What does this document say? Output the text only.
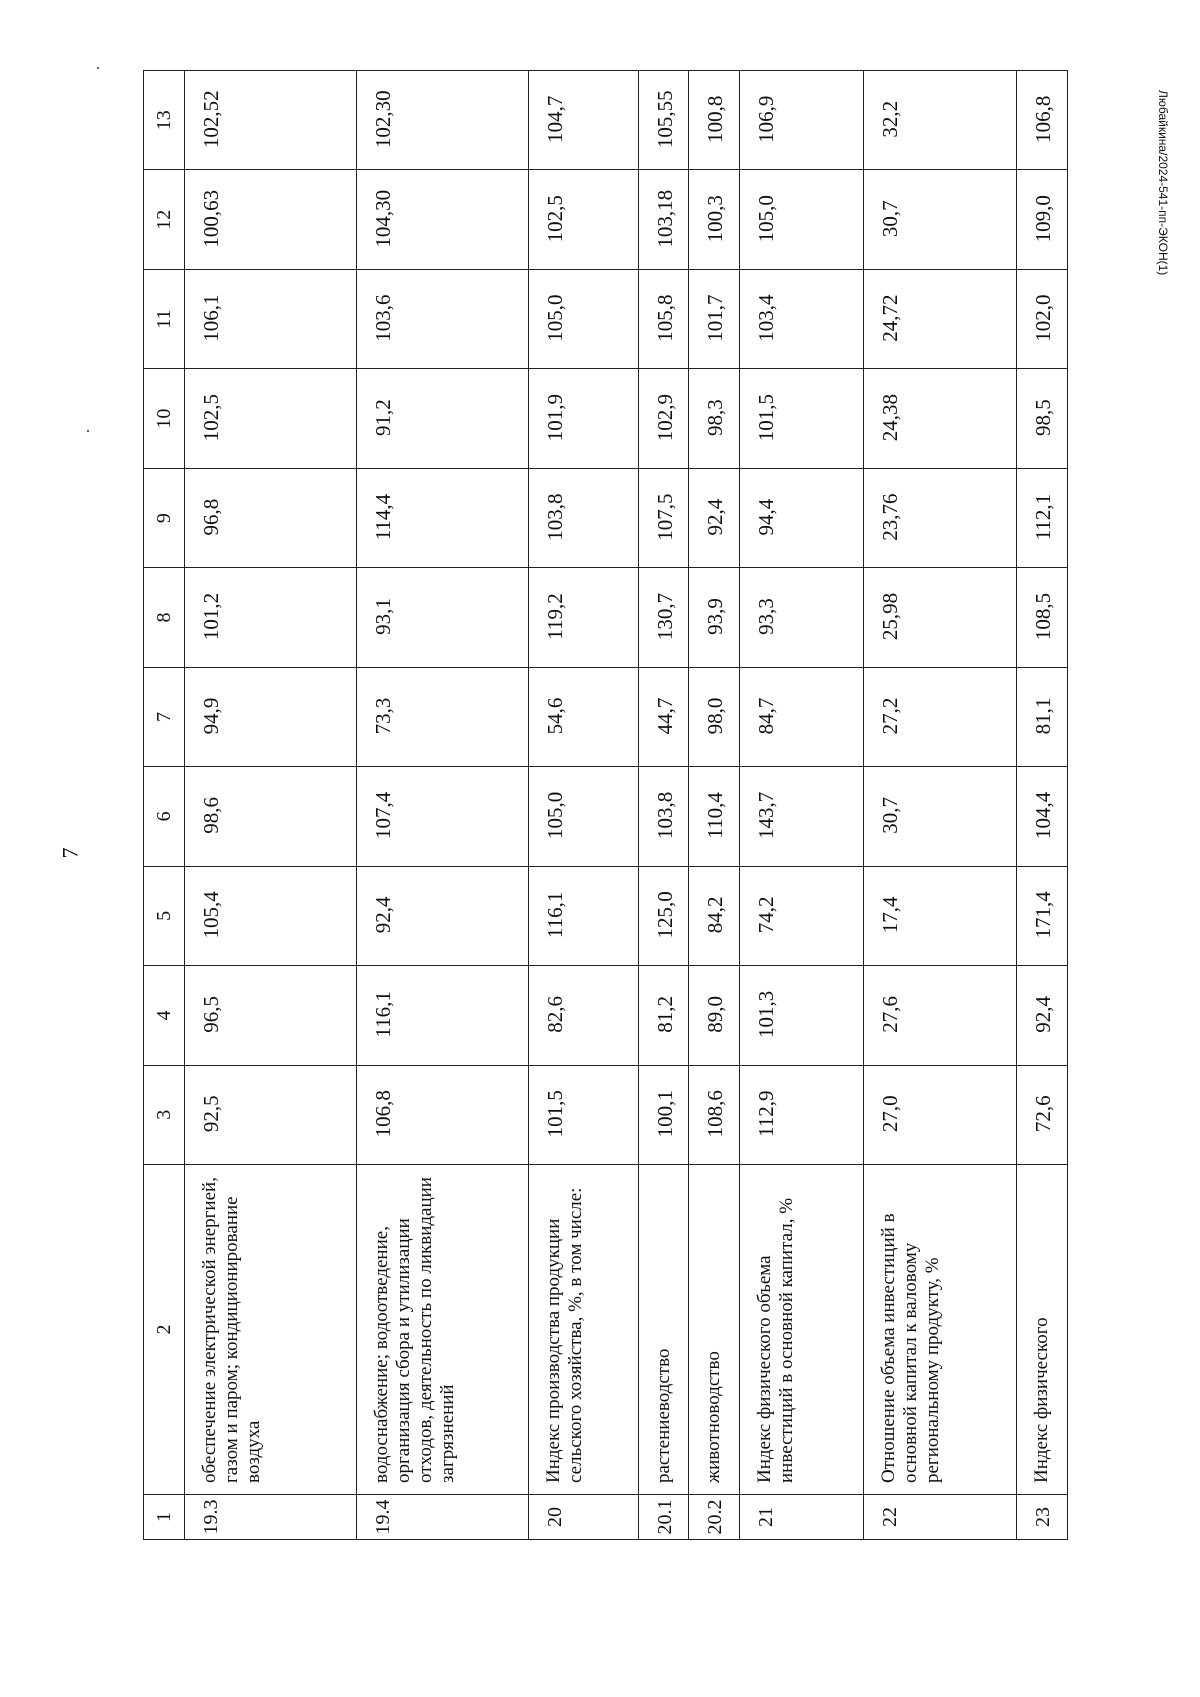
7
Любайкина/2024-541-пп-ЭКОН(1)
1	2	3	4	5	6	7	8	9	10	11	12	13
19.3	обеспечение электрической энергией, газом и паром; кондиционирование воздуха	92,5	96,5	105,4	98,6	94,9	101,2	96,8	102,5	106,1	100,63	102,52
19.4	водоснабжение; водоотведение, организация сбора и утилизации отходов, деятельность по ликвидации загрязнений	106,8	116,1	92,4	107,4	73,3	93,1	114,4	91,2	103,6	104,30	102,30
20	Индекс производства продукции сельского хозяйства, %, в том числе:	101,5	82,6	116,1	105,0	54,6	119,2	103,8	101,9	105,0	102,5	104,7
20.1	растениеводство	100,1	81,2	125,0	103,8	44,7	130,7	107,5	102,9	105,8	103,18	105,55
20.2	животноводство	108,6	89,0	84,2	110,4	98,0	93,9	92,4	98,3	101,7	100,3	100,8
21	Индекс физического объема инвестиций в основной капитал, %	112,9	101,3	74,2	143,7	84,7	93,3	94,4	101,5	103,4	105,0	106,9
22	Отношение объема инвестиций в основной капитал к валовому региональному продукту, %	27,0	27,6	17,4	30,7	27,2	25,98	23,76	24,38	24,72	30,7	32,2
23	Индекс физического	72,6	92,4	171,4	104,4	81,1	108,5	112,1	98,5	102,0	109,0	106,8
